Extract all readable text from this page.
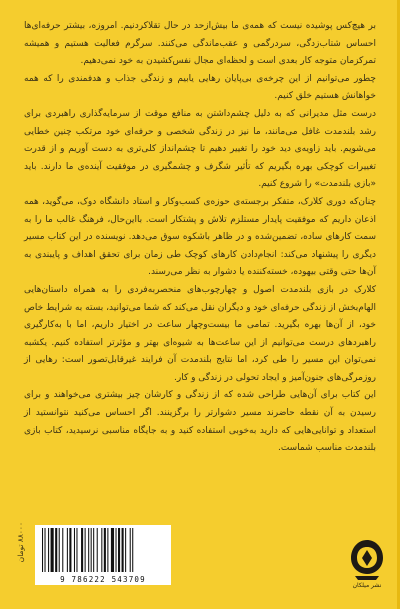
بر هیچ‌کس پوشیده نیست که همه‌ی ما بیش‌از‌حد در حال تقلاکردنیم. امروزه، بیشتر حرفه‌ای‌ها احساس شتاب‌زدگی، سردرگمی و عقب‌ماندگی می‌کنند. سرگرم فعالیت هستیم و همیشه تمرکزمان متوجه کار بعدی است و لحظه‌ای مجال نفس‌کشیدن به خود نمی‌دهیم.

چطور می‌توانیم از این چرخه‌ی بی‌پایان رهایی یابیم و زندگی جذاب و هدفمندی را که همه خواهانش هستیم خلق کنیم.

درست مثل مدیرانی که به دلیل چشم‌داشتن به منافع موقت از سرمایه‌گذاری راهبردی برای رشد بلندمدت غافل می‌مانند، ما نیز در زندگی شخصی و حرفه‌ای خود مرتکب چنین خطایی می‌شویم. باید زاویه‌ی دید خود را تغییر دهیم تا چشم‌انداز کلی‌تری به دست آوریم و از قدرت تغییرات کوچکی بهره بگیریم که تأثیر شگرف و چشمگیری در موفقیت آینده‌ی ما دارند. باید «بازی بلندمدت» را شروع کنیم.

چنان‌که دوری کلارک، متفکر برجسته‌ی حوزه‌ی کسب‌وکار و استاد دانشگاه دوک، می‌گوید، همه اذعان داریم که موفقیت پایدار مستلزم تلاش و پشتکار است. بااین‌حال، فرهنگ غالب ما را به سمت کارهای ساده، تضمین‌شده و در ظاهر باشکوه سوق می‌دهد. نویسنده در این کتاب مسیر دیگری را پیشنهاد می‌کند: انجام‌دادن کارهای کوچک طی زمان برای تحقق اهداف و پایبندی به آن‌ها حتی وقتی بیهوده، خسته‌کننده یا دشوار به نظر می‌رسند.

کلارک در بازی بلندمدت اصول و چهارچوب‌های منحصربه‌فردی را به همراه داستان‌هایی الهام‌بخش از زندگی حرفه‌ای خود و دیگران نقل می‌کند که شما می‌توانید، بسته به شرایط خاص خود، از آن‌ها بهره بگیرید. تمامی ما بیست‌وچهار ساعت در اختیار داریم، اما با به‌کارگیری راهبردهای درست می‌توانیم از این ساعت‌ها به شیوه‌ای بهتر و مؤثرتر استفاده کنیم. یکشبه نمی‌توان این مسیر را طی کرد، اما نتایج بلندمدت آن فرایند غیرقابل‌تصور است: رهایی از روزمرگی‌های جنون‌آمیز و ایجاد تحولی در زندگی و کار.

این کتاب برای آن‌هایی طراحی شده که از زندگی و کارشان چیز بیشتری می‌خواهند و برای رسیدن به آن نقطه حاضرند مسیر دشوارتر را برگزینند. اگر احساس می‌کنید نتوانستید از استعداد و توانایی‌هایی که دارید به‌خوبی استفاده کنید و به جایگاه مناسبی نرسیدید، کتاب بازی بلندمدت مناسب شماست.

۸۸۰۰۰ تومان
9 786222 543709
نشر میلکان
